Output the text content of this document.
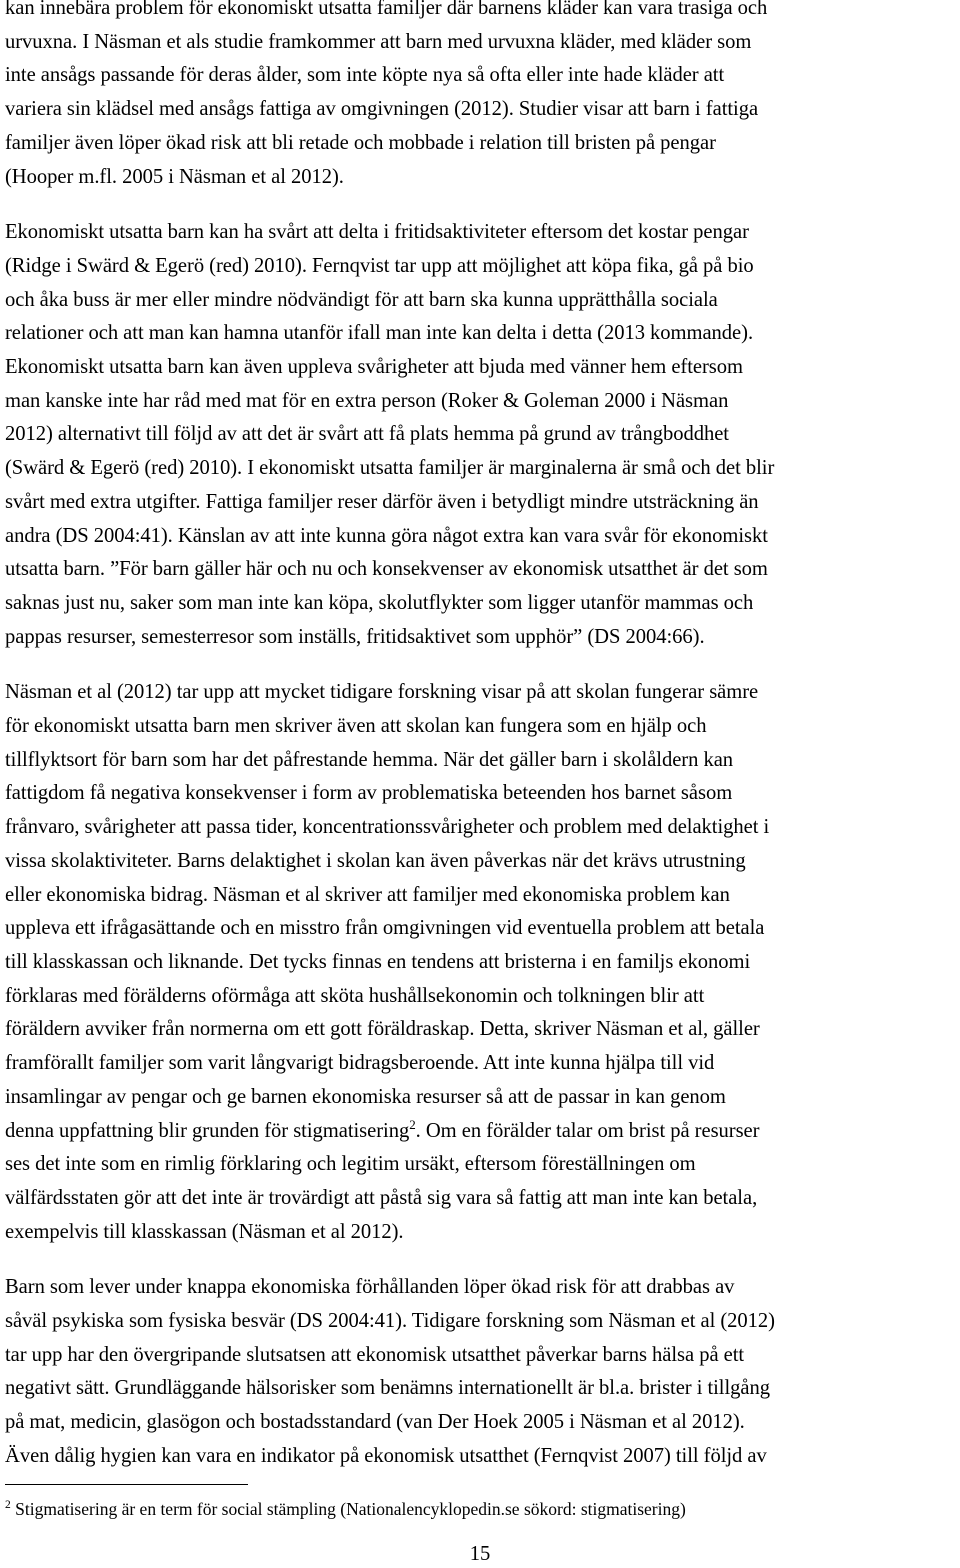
kan innebära problem för ekonomiskt utsatta familjer där barnens kläder kan vara trasiga och
urvuxna. I Näsman et als studie framkommer att barn med urvuxna kläder, med kläder som
inte ansågs passande för deras ålder, som inte köpte nya så ofta eller inte hade kläder att
variera sin klädsel med ansågs fattiga av omgivningen (2012). Studier visar att barn i fattiga
familjer även löper ökad risk att bli retade och mobbade i relation till bristen på pengar
(Hooper m.fl. 2005 i Näsman et al 2012).

Ekonomiskt utsatta barn kan ha svårt att delta i fritidsaktiviteter eftersom det kostar pengar
(Ridge i Swärd & Egerö (red) 2010). Fernqvist tar upp att möjlighet att köpa fika, gå på bio
och åka buss är mer eller mindre nödvändigt för att barn ska kunna upprätthålla sociala
relationer och att man kan hamna utanför ifall man inte kan delta i detta (2013 kommande).
Ekonomiskt utsatta barn kan även uppleva svårigheter att bjuda med vänner hem eftersom
man kanske inte har råd med mat för en extra person (Roker & Goleman 2000 i Näsman
2012) alternativt till följd av att det är svårt att få plats hemma på grund av trångboddhet
(Swärd & Egerö (red) 2010). I ekonomiskt utsatta familjer är marginalerna är små och det blir
svårt med extra utgifter. Fattiga familjer reser därför även i betydligt mindre utsträckning än
andra (DS 2004:41). Känslan av att inte kunna göra något extra kan vara svår för ekonomiskt
utsatta barn. ”För barn gäller här och nu och konsekvenser av ekonomisk utsatthet är det som
saknas just nu, saker som man inte kan köpa, skolutflykter som ligger utanför mammas och
pappas resurser, semesterresor som inställs, fritidsaktivet som upphör” (DS 2004:66).

Näsman et al (2012) tar upp att mycket tidigare forskning visar på att skolan fungerar sämre
för ekonomiskt utsatta barn men skriver även att skolan kan fungera som en hjälp och
tillflyktsort för barn som har det påfrestande hemma. När det gäller barn i skolåldern kan
fattigdom få negativa konsekvenser i form av problematiska beteenden hos barnet såsom
frånvaro, svårigheter att passa tider, koncentrationssvårigheter och problem med delaktighet i
vissa skolaktiviteter. Barns delaktighet i skolan kan även påverkas när det krävs utrustning
eller ekonomiska bidrag. Näsman et al skriver att familjer med ekonomiska problem kan
uppleva ett ifrågasättande och en misstro från omgivningen vid eventuella problem att betala
till klasskassan och liknande. Det tycks finnas en tendens att bristerna i en familjs ekonomi
förklaras med förälderns oförmåga att sköta hushållsekonomin och tolkningen blir att
föräldern avviker från normerna om ett gott föräldraskap. Detta, skriver Näsman et al, gäller
framförallt familjer som varit långvarigt bidragsberoende. Att inte kunna hjälpa till vid
insamlingar av pengar och ge barnen ekonomiska resurser så att de passar in kan genom
denna uppfattning blir grunden för stigmatisering$^2$. Om en förälder talar om brist på resurser
ses det inte som en rimlig förklaring och legitim ursäkt, eftersom föreställningen om
välfärdsstaten gör att det inte är trovärdigt att påstå sig vara så fattig att man inte kan betala,
exempelvis till klasskassan (Näsman et al 2012).

Barn som lever under knappa ekonomiska förhållanden löper ökad risk för att drabbas av
såväl psykiska som fysiska besvär (DS 2004:41). Tidigare forskning som Näsman et al (2012)
tar upp har den övergripande slutsatsen att ekonomisk utsatthet påverkar barns hälsa på ett
negativt sätt. Grundläggande hälsorisker som benämns internationellt är bl.a. brister i tillgång
på mat, medicin, glasögon och bostadsstandard (van Der Hoek 2005 i Näsman et al 2012).
Även dålig hygien kan vara en indikator på ekonomisk utsatthet (Fernqvist 2007) till följd av

$^2$ Stigmatisering är en term för social stämpling (Nationalencyklopedin.se sökord: stigmatisering)
15
